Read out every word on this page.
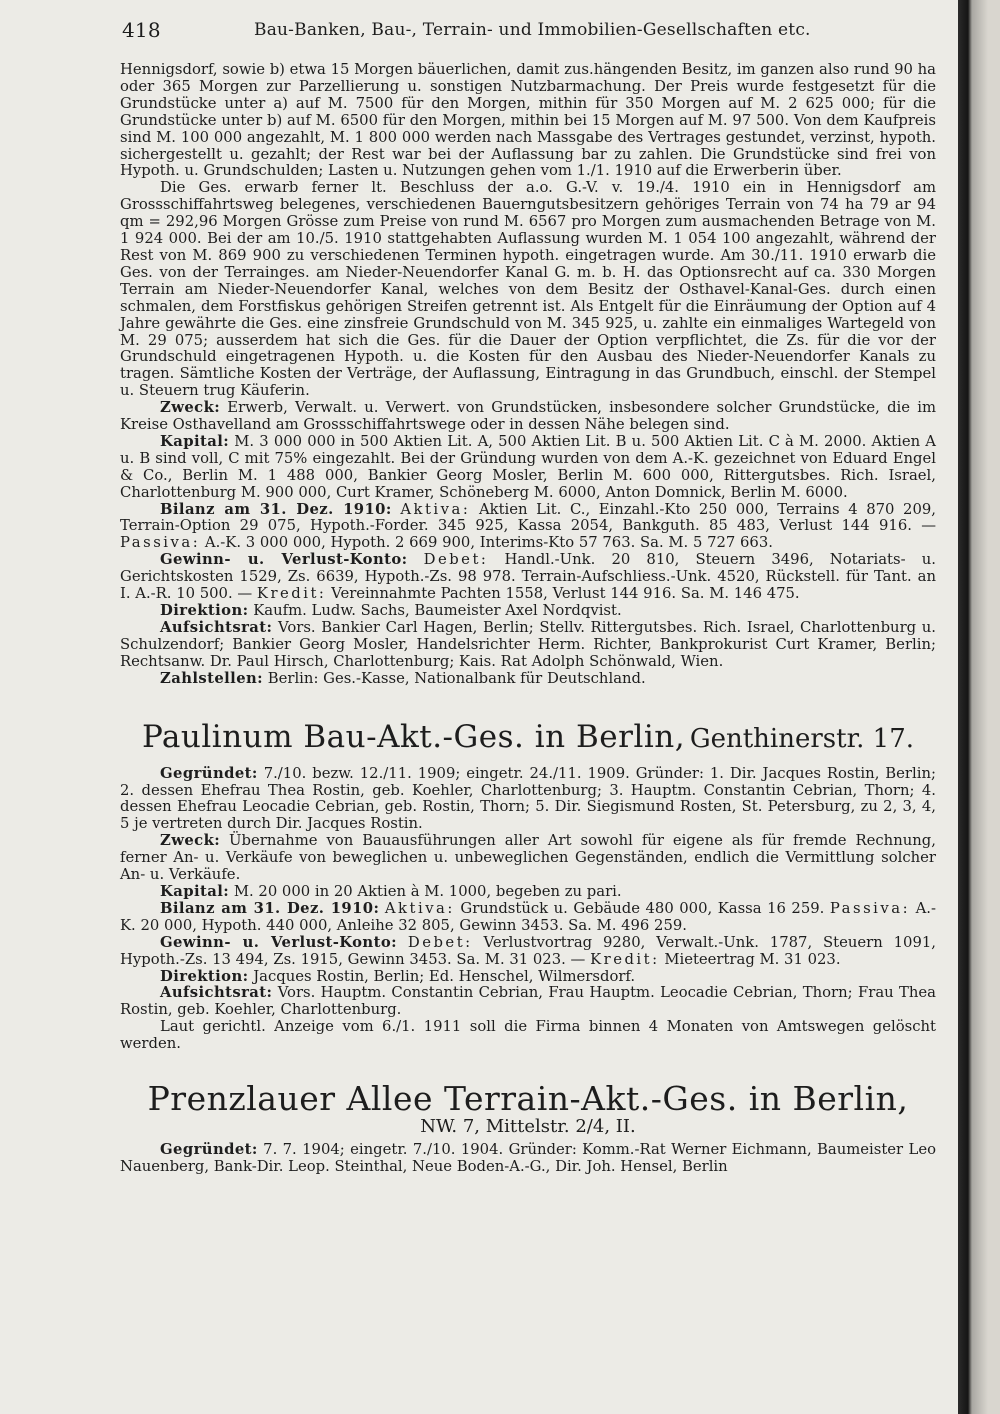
418	Bau-Banken, Bau-, Terrain- und Immobilien-Gesellschaften etc.

Hennigsdorf, sowie b) etwa 15 Morgen bäuerlichen, damit zus.hängenden Besitz, im ganzen also rund 90 ha oder 365 Morgen zur Parzellierung u. sonstigen Nutzbarmachung. Der Preis wurde festgesetzt für die Grundstücke unter a) auf M. 7500 für den Morgen, mithin für 350 Morgen auf M. 2 625 000; für die Grundstücke unter b) auf M. 6500 für den Morgen, mithin bei 15 Morgen auf M. 97 500. Von dem Kaufpreis sind M. 100 000 angezahlt, M. 1 800 000 werden nach Massgabe des Vertrages gestundet, verzinst, hypoth. sichergestellt u. gezahlt; der Rest war bei der Auflassung bar zu zahlen. Die Grundstücke sind frei von Hypoth. u. Grundschulden; Lasten u. Nutzungen gehen vom 1./1. 1910 auf die Erwerberin über.

Die Ges. erwarb ferner lt. Beschluss der a.o. G.-V. v. 19./4. 1910 ein in Hennigsdorf am Grossschiffahrtsweg belegenes, verschiedenen Bauerngutsbesitzern gehöriges Terrain von 74 ha 79 ar 94 qm = 292,96 Morgen Grösse zum Preise von rund M. 6567 pro Morgen zum ausmachenden Betrage von M. 1 924 000. Bei der am 10./5. 1910 stattgehabten Auflassung wurden M. 1 054 100 angezahlt, während der Rest von M. 869 900 zu verschiedenen Terminen hypoth. eingetragen wurde. Am 30./11. 1910 erwarb die Ges. von der Terrainges. am Nieder-Neuendorfer Kanal G. m. b. H. das Optionsrecht auf ca. 330 Morgen Terrain am Nieder-Neuendorfer Kanal, welches von dem Besitz der Osthavel-Kanal-Ges. durch einen schmalen, dem Forstfiskus gehörigen Streifen getrennt ist. Als Entgelt für die Einräumung der Option auf 4 Jahre gewährte die Ges. eine zinsfreie Grundschuld von M. 345 925, u. zahlte ein einmaliges Wartegeld von M. 29 075; ausserdem hat sich die Ges. für die Dauer der Option verpflichtet, die Zs. für die vor der Grundschuld eingetragenen Hypoth. u. die Kosten für den Ausbau des Nieder-Neuendorfer Kanals zu tragen. Sämtliche Kosten der Verträge, der Auflassung, Eintragung in das Grundbuch, einschl. der Stempel u. Steuern trug Käuferin.

Zweck: Erwerb, Verwalt. u. Verwert. von Grundstücken, insbesondere solcher Grundstücke, die im Kreise Osthavelland am Grossschiffahrtswege oder in dessen Nähe belegen sind.

Kapital: M. 3 000 000 in 500 Aktien Lit. A, 500 Aktien Lit. B u. 500 Aktien Lit. C à M. 2000. Aktien A u. B sind voll, C mit 75% eingezahlt. Bei der Gründung wurden von dem A.-K. gezeichnet von Eduard Engel & Co., Berlin M. 1 488 000, Bankier Georg Mosler, Berlin M. 600 000, Rittergutsbes. Rich. Israel, Charlottenburg M. 900 000, Curt Kramer, Schöneberg M. 6000, Anton Domnick, Berlin M. 6000.

Bilanz am 31. Dez. 1910: Aktiva: Aktien Lit. C., Einzahl.-Kto 250 000, Terrains 4 870 209, Terrain-Option 29 075, Hypoth.-Forder. 345 925, Kassa 2054, Bankguth. 85 483, Verlust 144 916. — Passiva: A.-K. 3 000 000, Hypoth. 2 669 900, Interims-Kto 57 763. Sa. M. 5 727 663.

Gewinn- u. Verlust-Konto: Debet: Handl.-Unk. 20 810, Steuern 3496, Notariats- u. Gerichtskosten 1529, Zs. 6639, Hypoth.-Zs. 98 978. Terrain-Aufschliess.-Unk. 4520, Rückstell. für Tant. an I. A.-R. 10 500. — Kredit: Vereinnahmte Pachten 1558, Verlust 144 916. Sa. M. 146 475.

Direktion: Kaufm. Ludw. Sachs, Baumeister Axel Nordqvist.

Aufsichtsrat: Vors. Bankier Carl Hagen, Berlin; Stellv. Rittergutsbes. Rich. Israel, Charlottenburg u. Schulzendorf; Bankier Georg Mosler, Handelsrichter Herm. Richter, Bankprokurist Curt Kramer, Berlin; Rechtsanw. Dr. Paul Hirsch, Charlottenburg; Kais. Rat Adolph Schönwald, Wien.

Zahlstellen: Berlin: Ges.-Kasse, Nationalbank für Deutschland.

Paulinum Bau-Akt.-Ges. in Berlin, Genthinerstr. 17.

Gegründet: 7./10. bezw. 12./11. 1909; eingetr. 24./11. 1909. Gründer: 1. Dir. Jacques Rostin, Berlin; 2. dessen Ehefrau Thea Rostin, geb. Koehler, Charlottenburg; 3. Hauptm. Constantin Cebrian, Thorn; 4. dessen Ehefrau Leocadie Cebrian, geb. Rostin, Thorn; 5. Dir. Siegismund Rosten, St. Petersburg, zu 2, 3, 4, 5 je vertreten durch Dir. Jacques Rostin.

Zweck: Übernahme von Bauausführungen aller Art sowohl für eigene als für fremde Rechnung, ferner An- u. Verkäufe von beweglichen u. unbeweglichen Gegenständen, endlich die Vermittlung solcher An- u. Verkäufe.

Kapital: M. 20 000 in 20 Aktien à M. 1000, begeben zu pari.

Bilanz am 31. Dez. 1910: Aktiva: Grundstück u. Gebäude 480 000, Kassa 16 259. Passiva: A.-K. 20 000, Hypoth. 440 000, Anleihe 32 805, Gewinn 3453. Sa. M. 496 259.

Gewinn- u. Verlust-Konto: Debet: Verlustvortrag 9280, Verwalt.-Unk. 1787, Steuern 1091, Hypoth.-Zs. 13 494, Zs. 1915, Gewinn 3453. Sa. M. 31 023. — Kredit: Mieteertrag M. 31 023.

Direktion: Jacques Rostin, Berlin; Ed. Henschel, Wilmersdorf.

Aufsichtsrat: Vors. Hauptm. Constantin Cebrian, Frau Hauptm. Leocadie Cebrian, Thorn; Frau Thea Rostin, geb. Koehler, Charlottenburg.

Laut gerichtl. Anzeige vom 6./1. 1911 soll die Firma binnen 4 Monaten von Amtswegen gelöscht werden.

Prenzlauer Allee Terrain-Akt.-Ges. in Berlin,
NW. 7, Mittelstr. 2/4, II.

Gegründet: 7. 7. 1904; eingetr. 7./10. 1904. Gründer: Komm.-Rat Werner Eichmann, Baumeister Leo Nauenberg, Bank-Dir. Leop. Steinthal, Neue Boden-A.-G., Dir. Joh. Hensel, Berlin
